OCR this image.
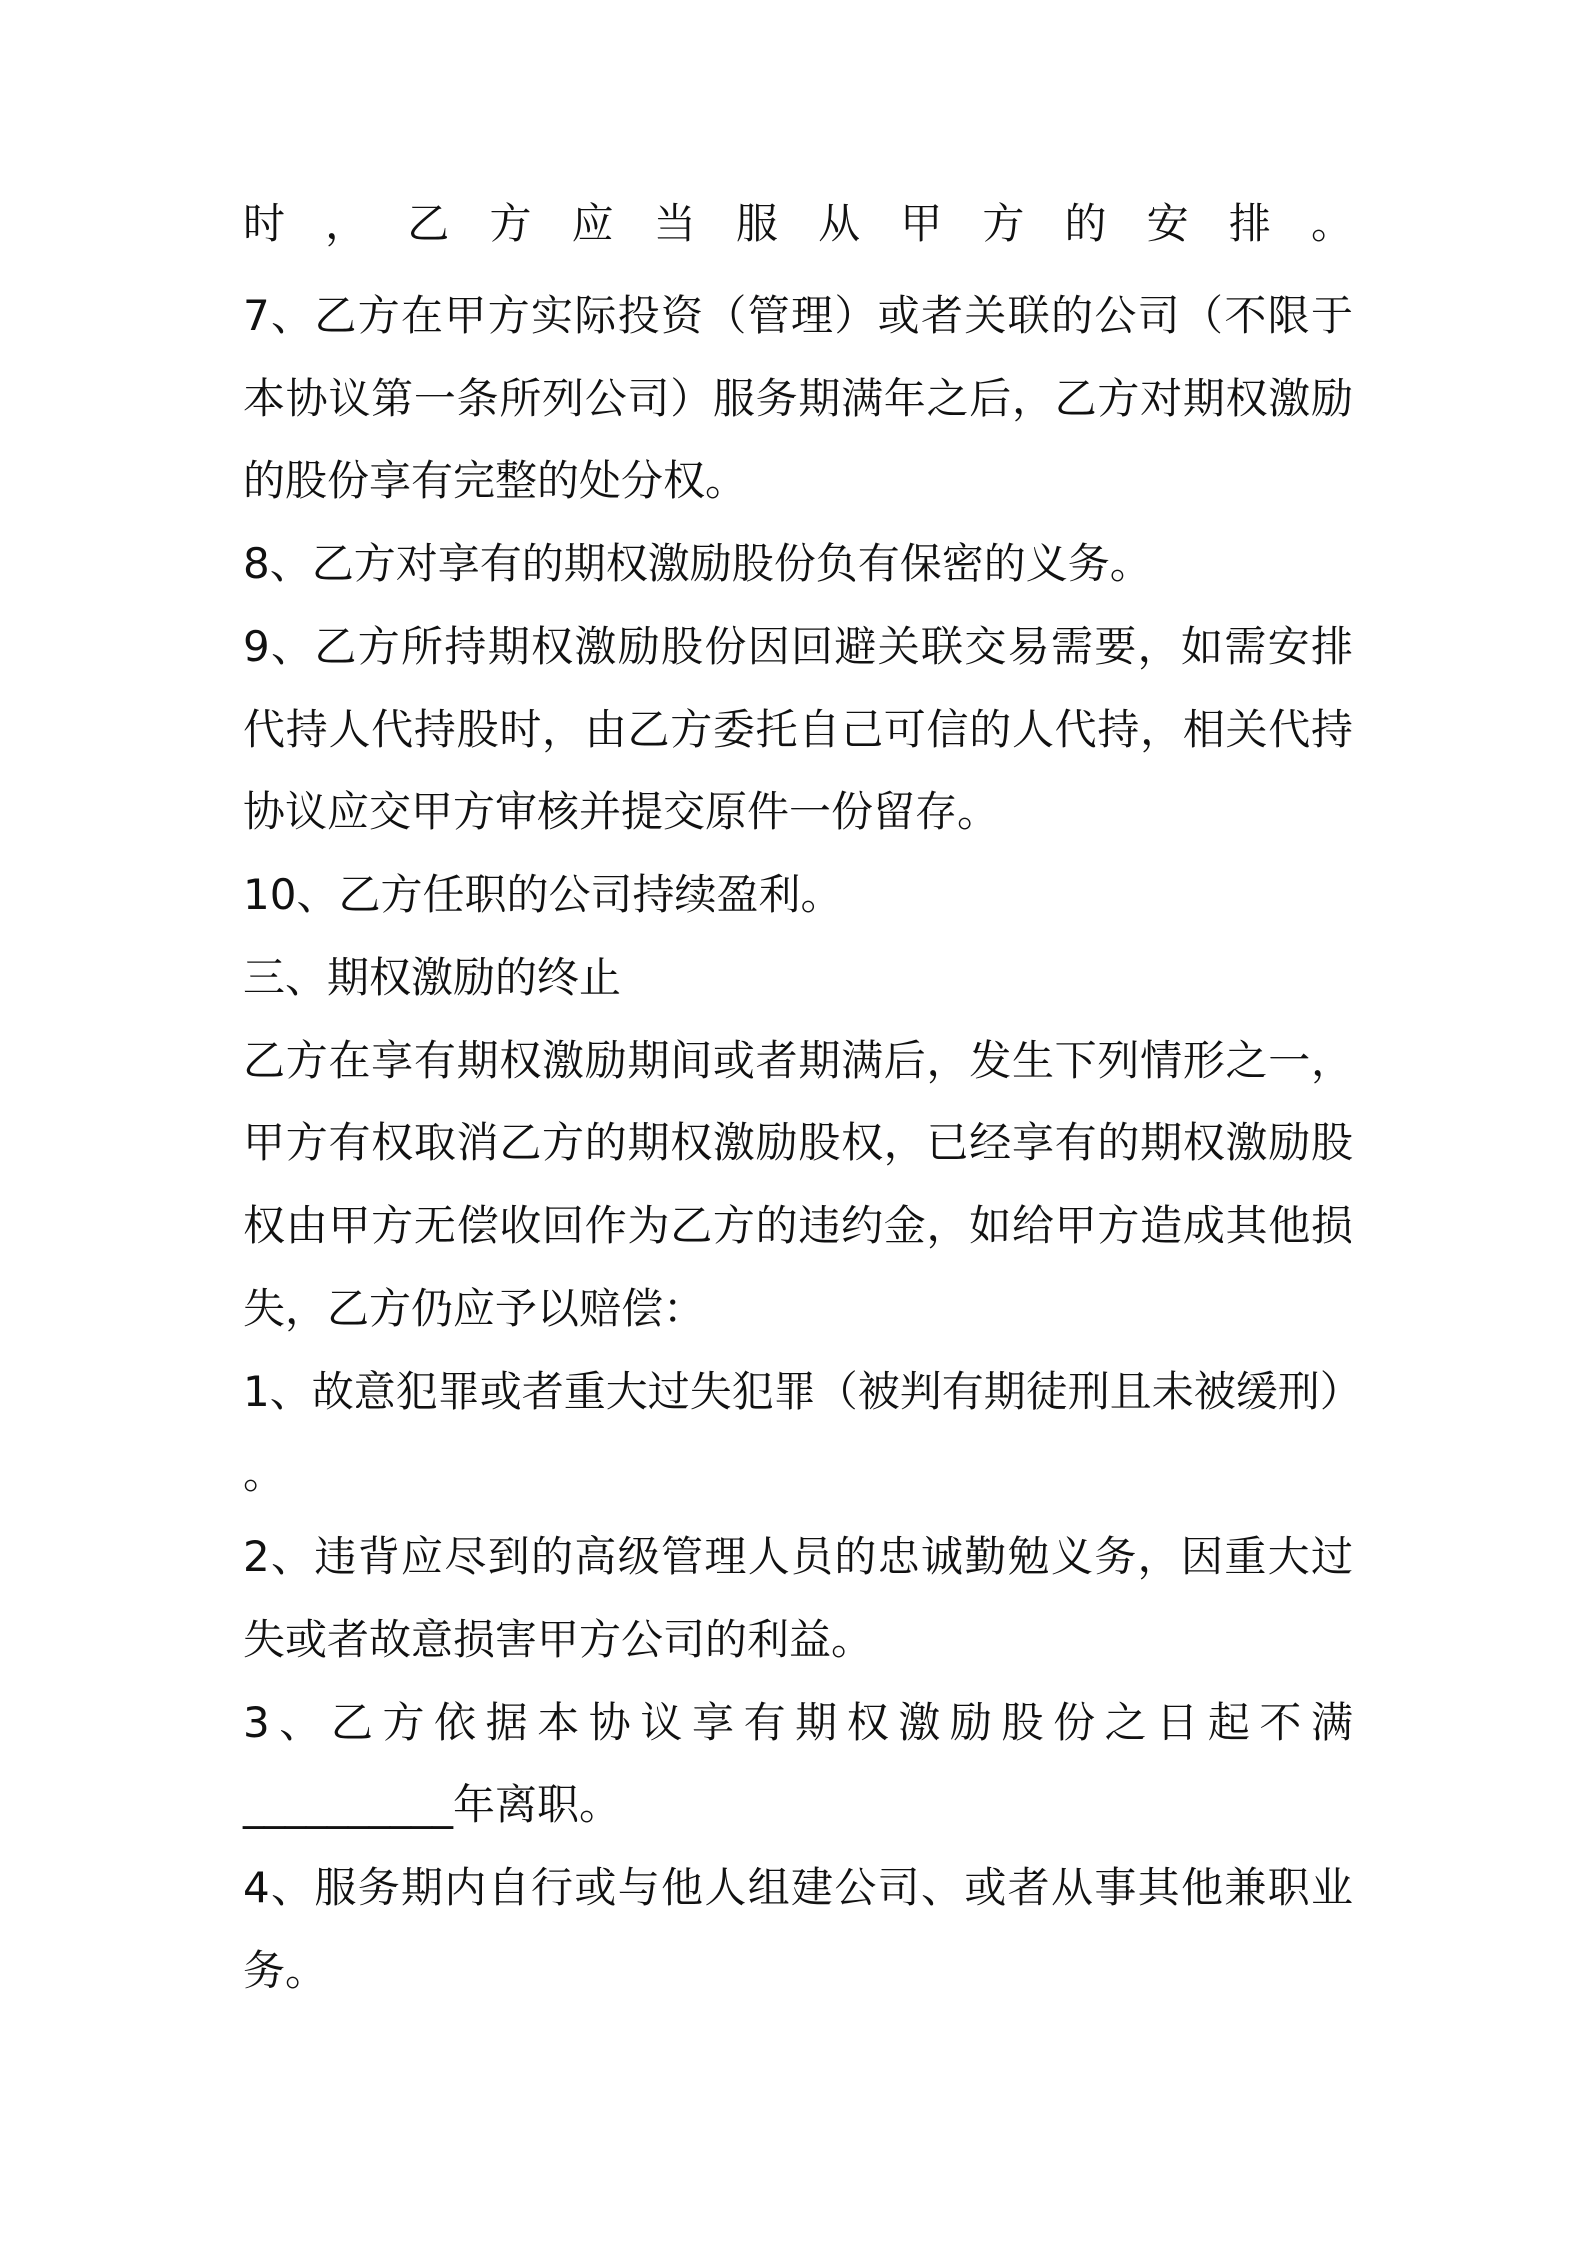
时，乙方应当服从甲方的安排。
7、乙方在甲方实际投资（管理）或者关联的公司（不限于
本协议第一条所列公司）服务期满年之后，乙方对期权激励
的股份享有完整的处分权。
8、乙方对享有的期权激励股份负有保密的义务。
9、乙方所持期权激励股份因回避关联交易需要，如需安排
代持人代持股时，由乙方委托自己可信的人代持，相关代持
协议应交甲方审核并提交原件一份留存。
10、乙方任职的公司持续盈利。
三、期权激励的终止
乙方在享有期权激励期间或者期满后，发生下列情形之一，
甲方有权取消乙方的期权激励股权，已经享有的期权激励股
权由甲方无偿收回作为乙方的违约金，如给甲方造成其他损
失，乙方仍应予以赔偿：
1、故意犯罪或者重大过失犯罪（被判有期徒刑且未被缓刑）
。
2、违背应尽到的高级管理人员的忠诚勤勉义务，因重大过
失或者故意损害甲方公司的利益。
3、乙方依据本协议享有期权激励股份之日起不满
__________年离职。
4、服务期内自行或与他人组建公司、或者从事其他兼职业
务。
